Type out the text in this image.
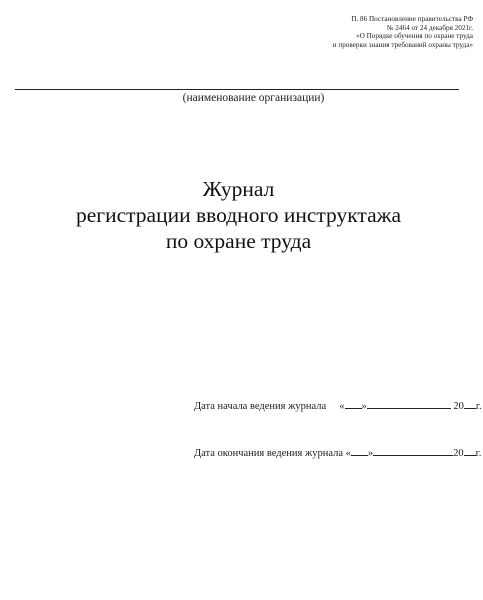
П. 86 Постановление правительства РФ
№ 2464 от 24 декабря 2021г.
«О Порядке обучения по охране труда
и проверки знания требований охраны труда»
(наименование организации)
Журнал
регистрации вводного инструктажа
по охране труда
Дата начала ведения журнала « »	20 г.
Дата окончания ведения журнала « »	20 г.
